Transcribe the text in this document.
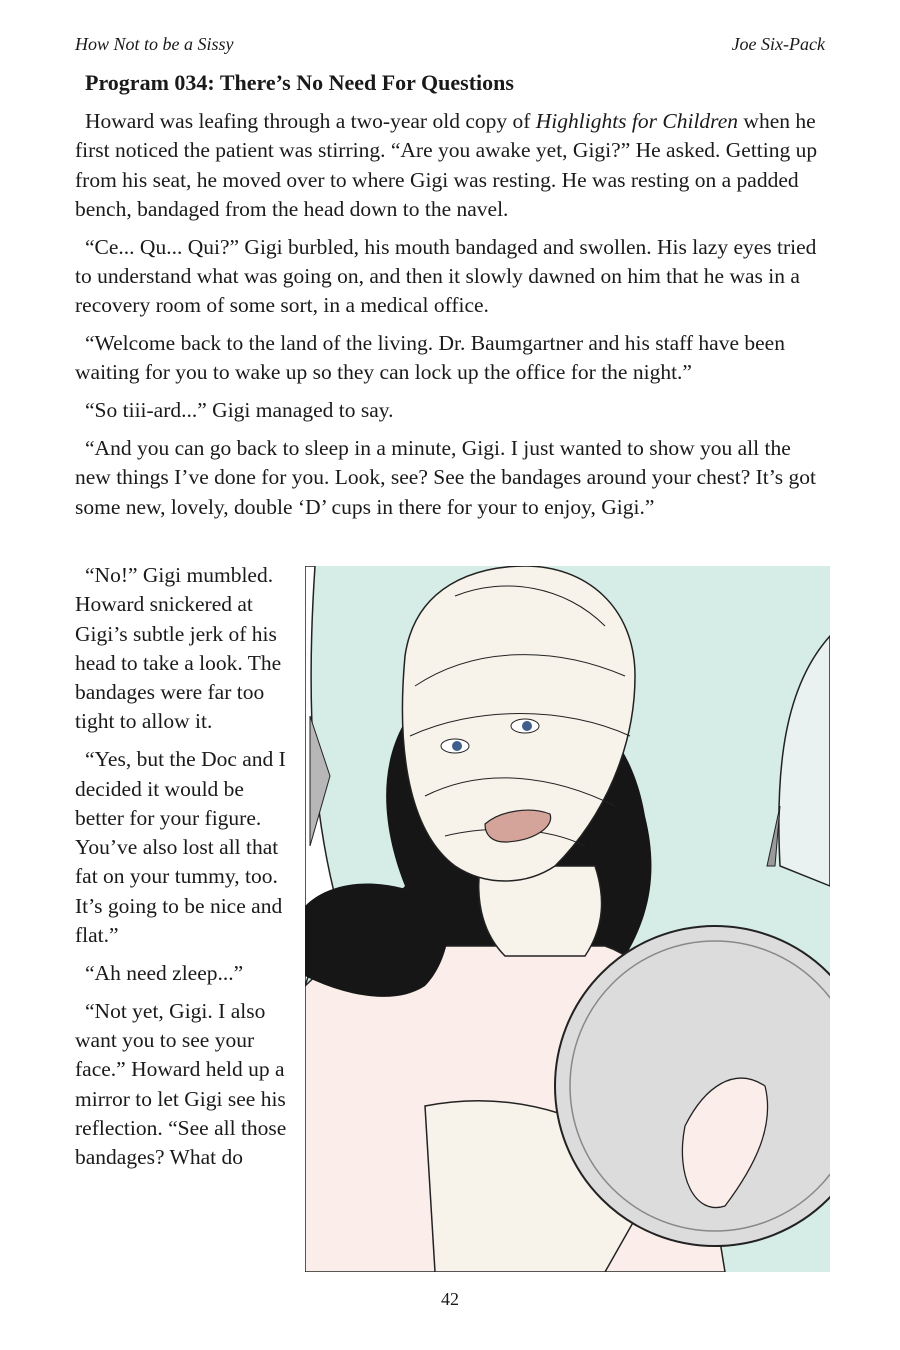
How Not to be a Sissy	Joe Six-Pack
Program 034: There’s No Need For Questions

Howard was leafing through a two-year old copy of Highlights for Children when he first noticed the patient was stirring. “Are you awake yet, Gigi?” He asked. Getting up from his seat, he moved over to where Gigi was resting. He was resting on a padded bench, bandaged from the head down to the navel.

“Ce... Qu... Qui?” Gigi burbled, his mouth bandaged and swollen. His lazy eyes tried to understand what was going on, and then it slowly dawned on him that he was in a recovery room of some sort, in a medical office.

“Welcome back to the land of the living. Dr. Baumgartner and his staff have been waiting for you to wake up so they can lock up the office for the night.”

“So tiii-ard...” Gigi managed to say.

“And you can go back to sleep in a minute, Gigi. I just wanted to show you all the new things I’ve done for you. Look, see? See the bandages around your chest? It’s got some new, lovely, double ‘D’ cups in there for your to enjoy, Gigi.”

“No!” Gigi mumbled. Howard snickered at Gigi’s subtle jerk of his head to take a look. The bandages were far too tight to allow it.

“Yes, but the Doc and I decided it would be better for your figure. You’ve also lost all that fat on your tummy, too. It’s going to be nice and flat.”

“Ah need zleep...”

“Not yet, Gigi. I also want you to see your face.” Howard held up a mirror to let Gigi see his reflection. “See all those bandages? What do

42
